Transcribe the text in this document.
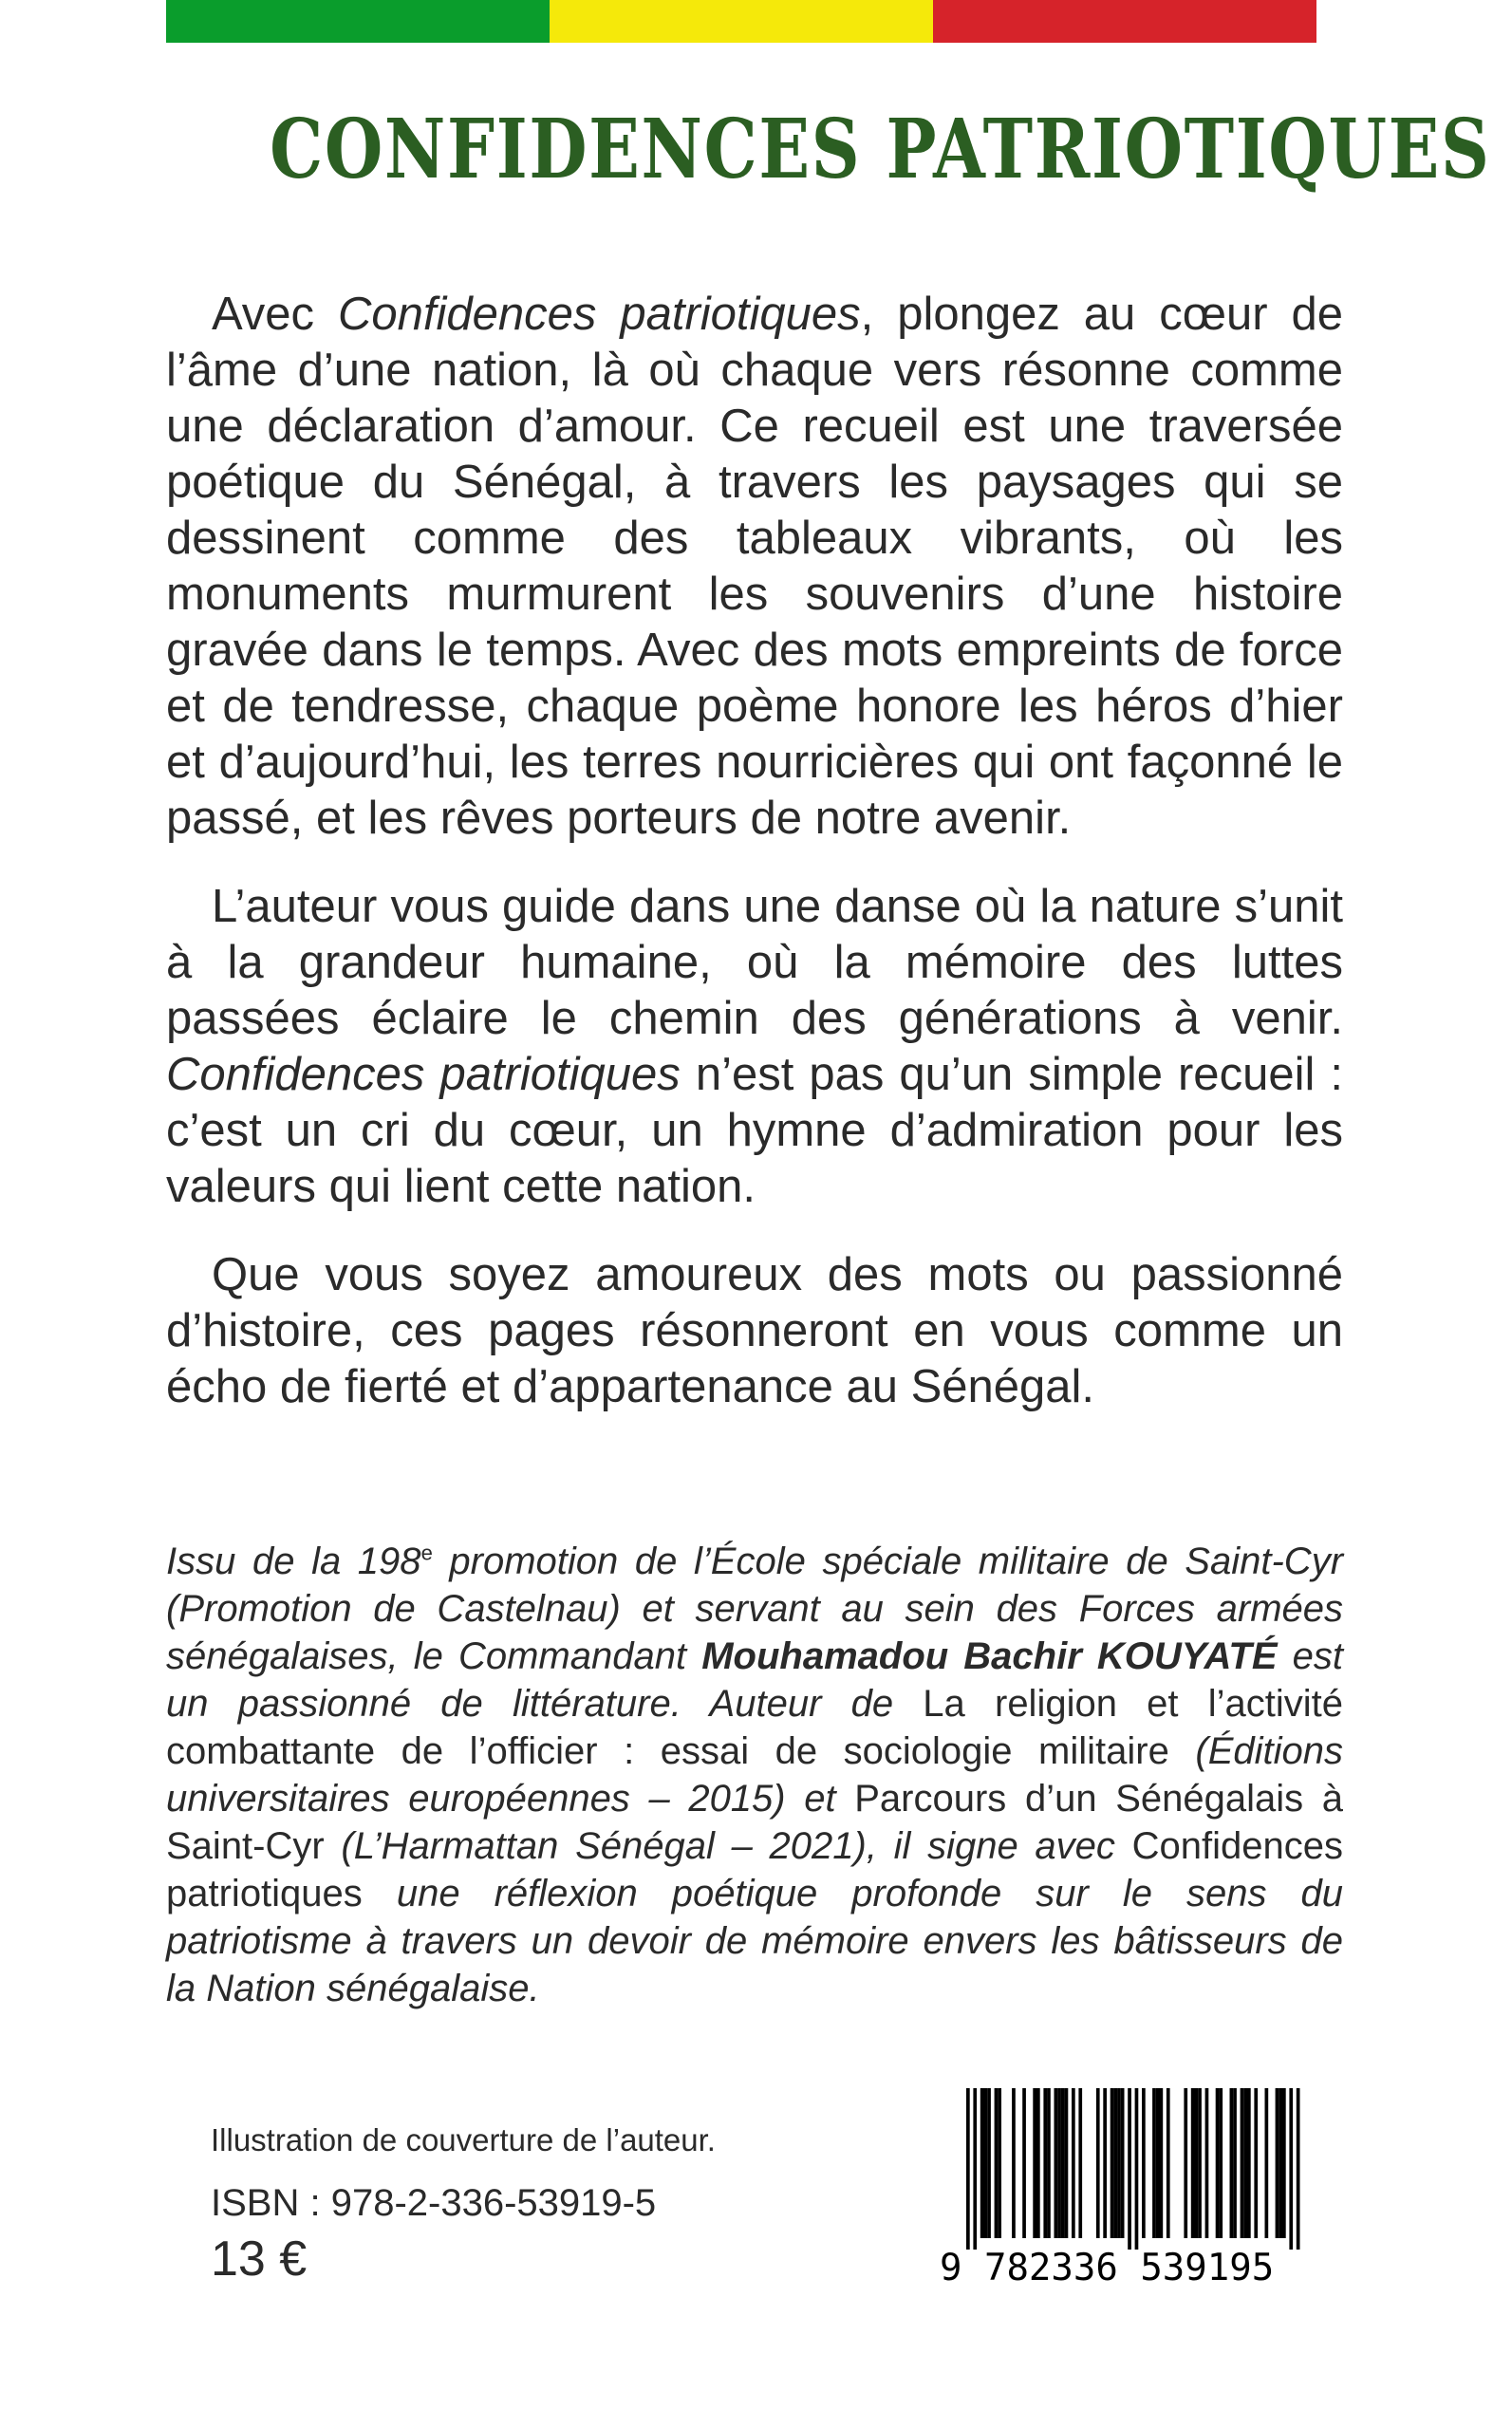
CONFIDENCES PATRIOTIQUES

Avec Confidences patriotiques, plongez au cœur de l’âme d’une nation, là où chaque vers résonne comme une déclaration d’amour. Ce recueil est une traversée poétique du Sénégal, à travers les paysages qui se dessinent comme des tableaux vibrants, où les monuments murmurent les souvenirs d’une histoire gravée dans le temps. Avec des mots empreints de force et de tendresse, chaque poème honore les héros d’hier et d’aujourd’hui, les terres nourricières qui ont façonné le passé, et les rêves porteurs de notre avenir.

L’auteur vous guide dans une danse où la nature s’unit à la grandeur humaine, où la mémoire des luttes passées éclaire le chemin des générations à venir. Confidences patriotiques n’est pas qu’un simple recueil : c’est un cri du cœur, un hymne d’admiration pour les valeurs qui lient cette nation.

Que vous soyez amoureux des mots ou passionné d’histoire, ces pages résonneront en vous comme un écho de fierté et d’appartenance au Sénégal.

Issu de la 198e promotion de l’École spéciale militaire de Saint-Cyr (Promotion de Castelnau) et servant au sein des Forces armées sénégalaises, le Commandant Mouhamadou Bachir KOUYATÉ est un passionné de littérature. Auteur de La religion et l’activité combattante de l’officier : essai de sociologie militaire (Éditions universitaires européennes – 2015) et Parcours d’un Sénégalais à Saint-Cyr (L’Harmattan Sénégal – 2021), il signe avec Confidences patriotiques une réflexion poétique profonde sur le sens du patriotisme à travers un devoir de mémoire envers les bâtisseurs de la Nation sénégalaise.

Illustration de couverture de l’auteur.
ISBN : 978-2-336-53919-5
13 €	9 782336 539195
